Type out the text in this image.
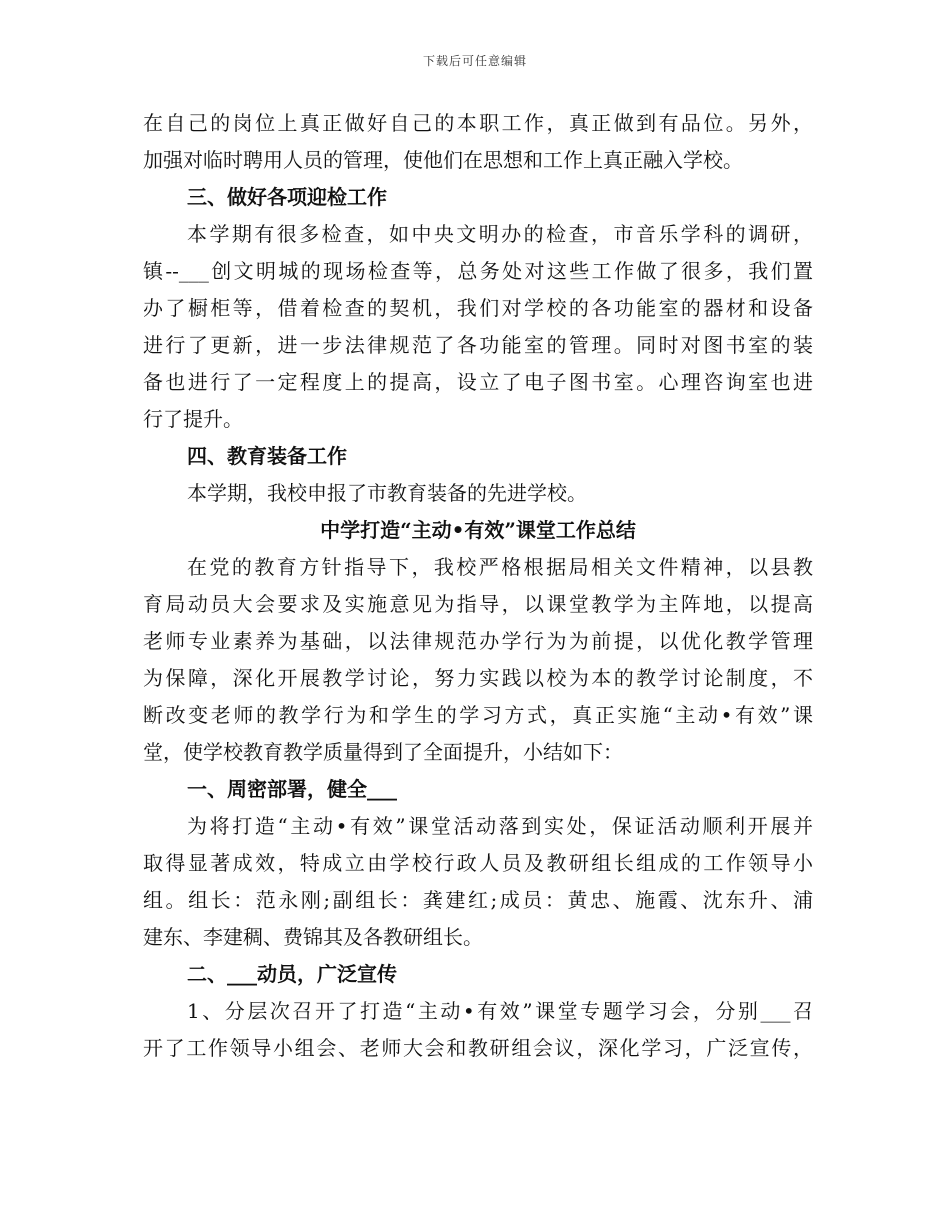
下载后可任意编辑
在自己的岗位上真正做好自己的本职工作，真正做到有品位。另外，
加强对临时聘用人员的管理，使他们在思想和工作上真正融入学校。
三、做好各项迎检工作
本学期有很多检查，如中央文明办的检查，市音乐学科的调研，
镇--___创文明城的现场检查等，总务处对这些工作做了很多，我们置
办了橱柜等，借着检查的契机，我们对学校的各功能室的器材和设备
进行了更新，进一步法律规范了各功能室的管理。同时对图书室的装
备也进行了一定程度上的提高，设立了电子图书室。心理咨询室也进
行了提升。
四、教育装备工作
本学期，我校申报了市教育装备的先进学校。
中学打造“主动•有效”课堂工作总结
在党的教育方针指导下，我校严格根据局相关文件精神，以县教
育局动员大会要求及实施意见为指导，以课堂教学为主阵地，以提高
老师专业素养为基础，以法律规范办学行为为前提，以优化教学管理
为保障，深化开展教学讨论，努力实践以校为本的教学讨论制度，不
断改变老师的教学行为和学生的学习方式，真正实施“主动•有效”课
堂，使学校教育教学质量得到了全面提升，小结如下：
一、周密部署，健全___
为将打造“主动•有效”课堂活动落到实处，保证活动顺利开展并
取得显著成效，特成立由学校行政人员及教研组长组成的工作领导小
组。组长：范永刚;副组长：龚建红;成员：黄忠、施霞、沈东升、浦
建东、李建稠、费锦其及各教研组长。
二、___动员，广泛宣传
1、分层次召开了打造“主动•有效”课堂专题学习会，分别___召
开了工作领导小组会、老师大会和教研组会议，深化学习，广泛宣传，
